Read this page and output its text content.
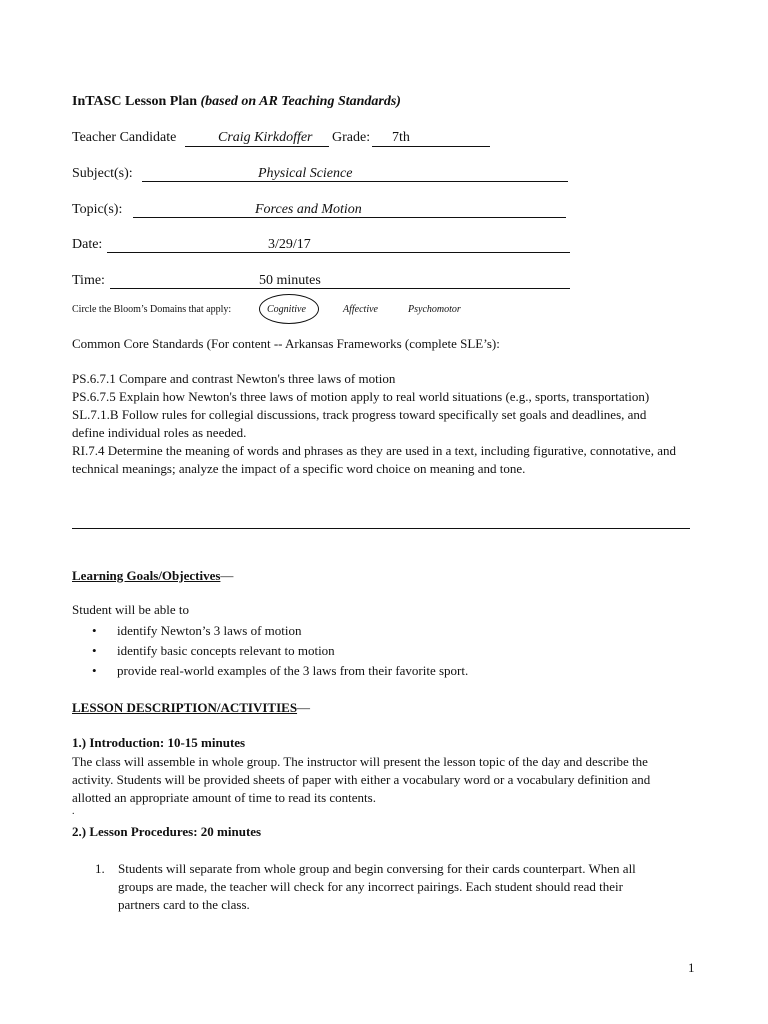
InTASC Lesson Plan (based on AR Teaching Standards)
Teacher Candidate	Craig Kirkdoffer Grade: 7th
Subject(s):	Physical Science
Topic(s):	Forces and Motion
Date:	3/29/17
Time:	50 minutes
Circle the Bloom’s Domains that apply:	Cognitive	Affective	Psychomotor
Common Core Standards (For content -- Arkansas Frameworks (complete SLE’s):

PS.6.7.1 Compare and contrast Newton's three laws of motion

PS.6.7.5 Explain how Newton's three laws of motion apply to real world situations (e.g., sports, transportation)

SL.7.1.B Follow rules for collegial discussions, track progress toward specifically set goals and deadlines, and define individual roles as needed.

RI.7.4 Determine the meaning of words and phrases as they are used in a text, including figurative, connotative, and technical meanings; analyze the impact of a specific word choice on meaning and tone.

Learning Goals/Objectives—
Student will be able to
• identify Newton’s 3 laws of motion
• identify basic concepts relevant to motion
• provide real-world examples of the 3 laws from their favorite sport.
LESSON DESCRIPTION/ACTIVITIES—
1.) Introduction: 10-15 minutes

The class will assemble in whole group. The instructor will present the lesson topic of the day and describe the activity. Students will be provided sheets of paper with either a vocabulary word or a vocabulary definition and allotted an appropriate amount of time to read its contents.

.
2.) Lesson Procedures: 20 minutes
1. Students will separate from whole group and begin conversing for their cards counterpart. When all groups are made, the teacher will check for any incorrect pairings. Each student should read their partners card to the class.
1
